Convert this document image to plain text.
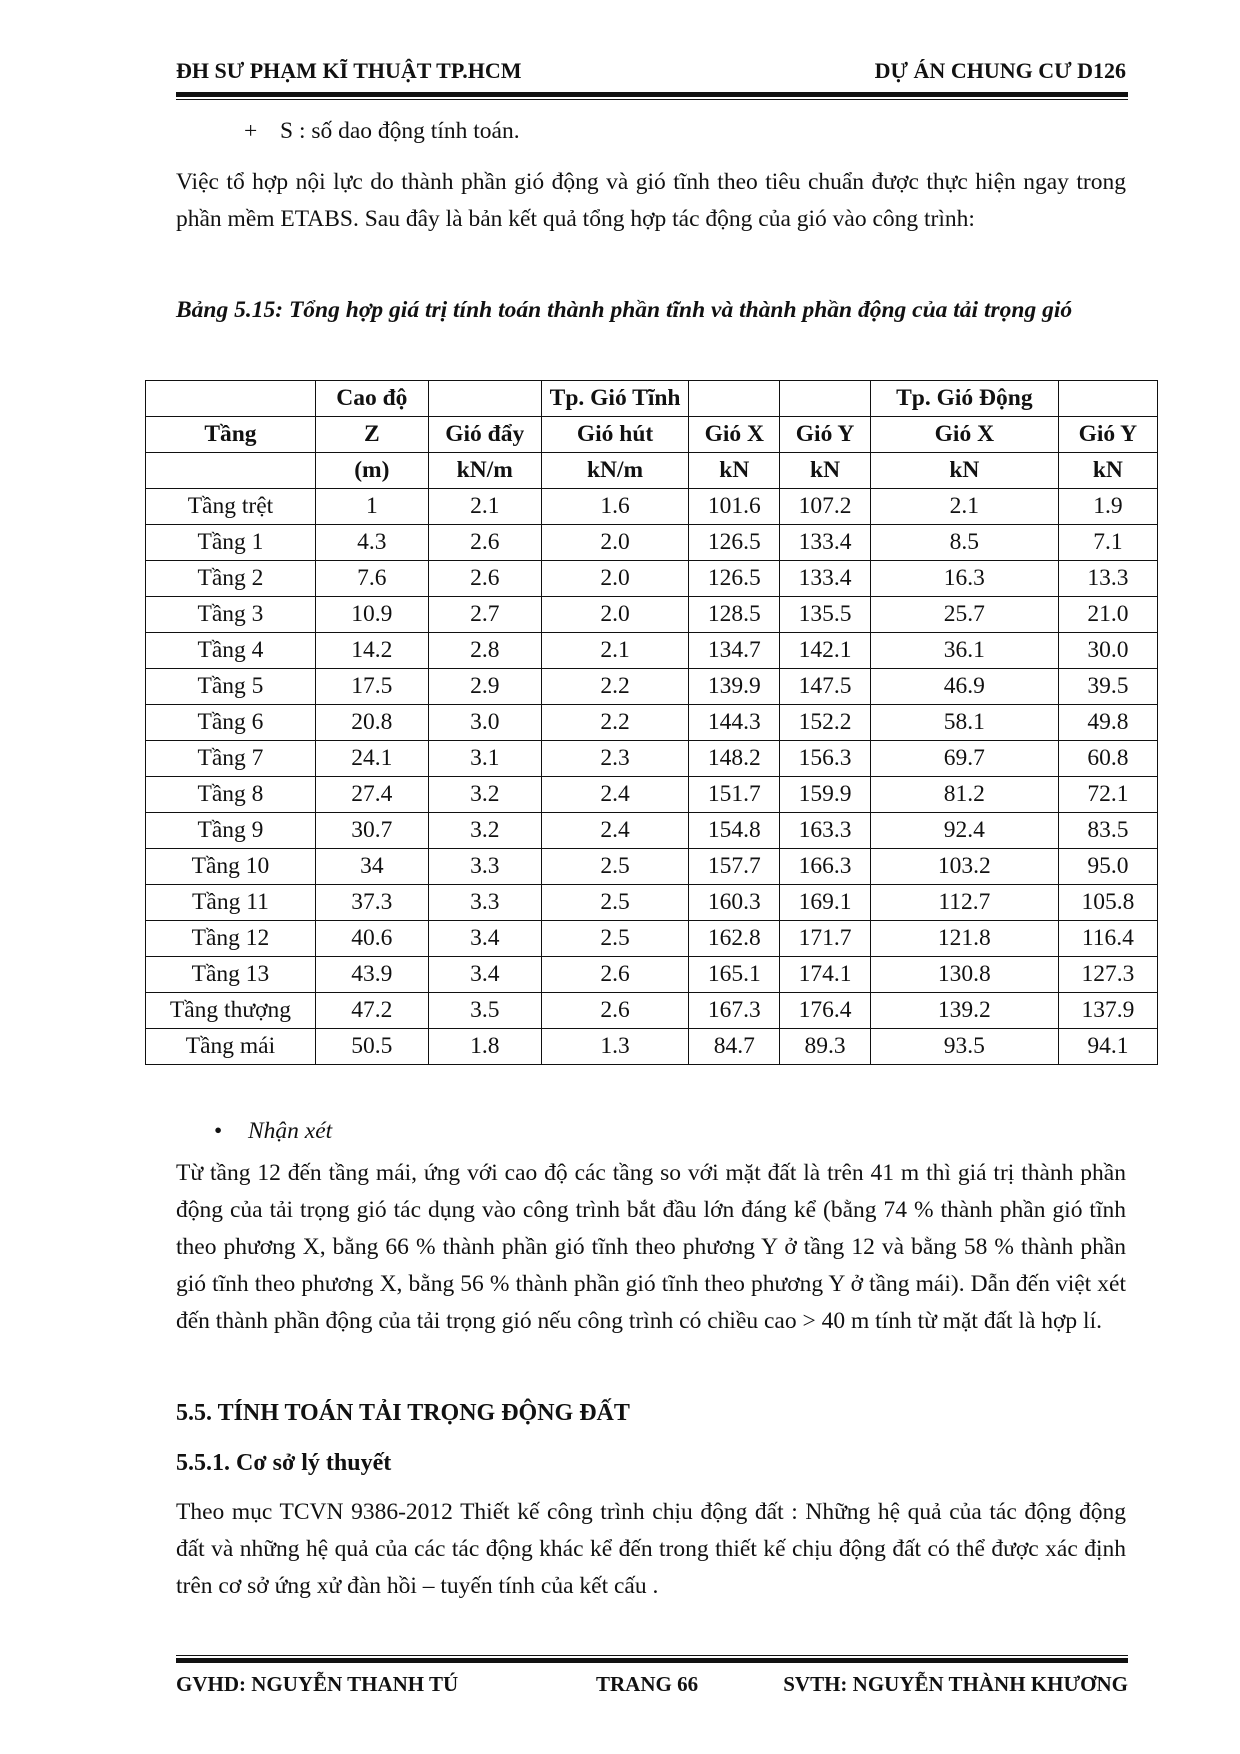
ĐH SƯ PHẠM KĨ THUẬT TP.HCM	DỰ ÁN CHUNG CƯ D126
+ S : số dao động tính toán.
Việc tổ hợp nội lực do thành phần gió động và gió tĩnh theo tiêu chuẩn được thực hiện ngay trong phần mềm ETABS. Sau đây là bản kết quả tổng hợp tác động của gió vào công trình:
Bảng 5.15: Tổng hợp giá trị tính toán thành phần tĩnh và thành phần động của tải trọng gió
	Cao độ		Tp. Gió Tĩnh			Tp. Gió Động	
Tầng	Z	Gió đẩy	Gió hút	Gió X	Gió Y	Gió X	Gió Y
	(m)	kN/m	kN/m	kN	kN	kN	kN
Tầng trệt	1	2.1	1.6	101.6	107.2	2.1	1.9
Tầng 1	4.3	2.6	2.0	126.5	133.4	8.5	7.1
Tầng 2	7.6	2.6	2.0	126.5	133.4	16.3	13.3
Tầng 3	10.9	2.7	2.0	128.5	135.5	25.7	21.0
Tầng 4	14.2	2.8	2.1	134.7	142.1	36.1	30.0
Tầng 5	17.5	2.9	2.2	139.9	147.5	46.9	39.5
Tầng 6	20.8	3.0	2.2	144.3	152.2	58.1	49.8
Tầng 7	24.1	3.1	2.3	148.2	156.3	69.7	60.8
Tầng 8	27.4	3.2	2.4	151.7	159.9	81.2	72.1
Tầng 9	30.7	3.2	2.4	154.8	163.3	92.4	83.5
Tầng 10	34	3.3	2.5	157.7	166.3	103.2	95.0
Tầng 11	37.3	3.3	2.5	160.3	169.1	112.7	105.8
Tầng 12	40.6	3.4	2.5	162.8	171.7	121.8	116.4
Tầng 13	43.9	3.4	2.6	165.1	174.1	130.8	127.3
Tầng thượng	47.2	3.5	2.6	167.3	176.4	139.2	137.9
Tầng mái	50.5	1.8	1.3	84.7	89.3	93.5	94.1
• Nhận xét
Từ tầng 12 đến tầng mái, ứng với cao độ các tầng so với mặt đất là trên 41 m thì giá trị thành phần động của tải trọng gió tác dụng vào công trình bắt đầu lớn đáng kể (bằng 74 % thành phần gió tĩnh theo phương X, bằng 66 % thành phần gió tĩnh theo phương Y ở tầng 12 và bằng 58 % thành phần gió tĩnh theo phương X, bằng 56 % thành phần gió tĩnh theo phương Y ở tầng mái). Dẫn đến việt xét đến thành phần động của tải trọng gió nếu công trình có chiều cao > 40 m tính từ mặt đất là hợp lí.
5.5. TÍNH TOÁN TẢI TRỌNG ĐỘNG ĐẤT
5.5.1. Cơ sở lý thuyết
Theo mục TCVN 9386-2012 Thiết kế công trình chịu động đất : Những hệ quả của tác động động đất và những hệ quả của các tác động khác kể đến trong thiết kế chịu động đất có thể được xác định trên cơ sở ứng xử đàn hồi – tuyến tính của kết cấu .
GVHD: NGUYỄN THANH TÚ	TRANG 66	SVTH: NGUYỄN THÀNH KHƯƠNG
